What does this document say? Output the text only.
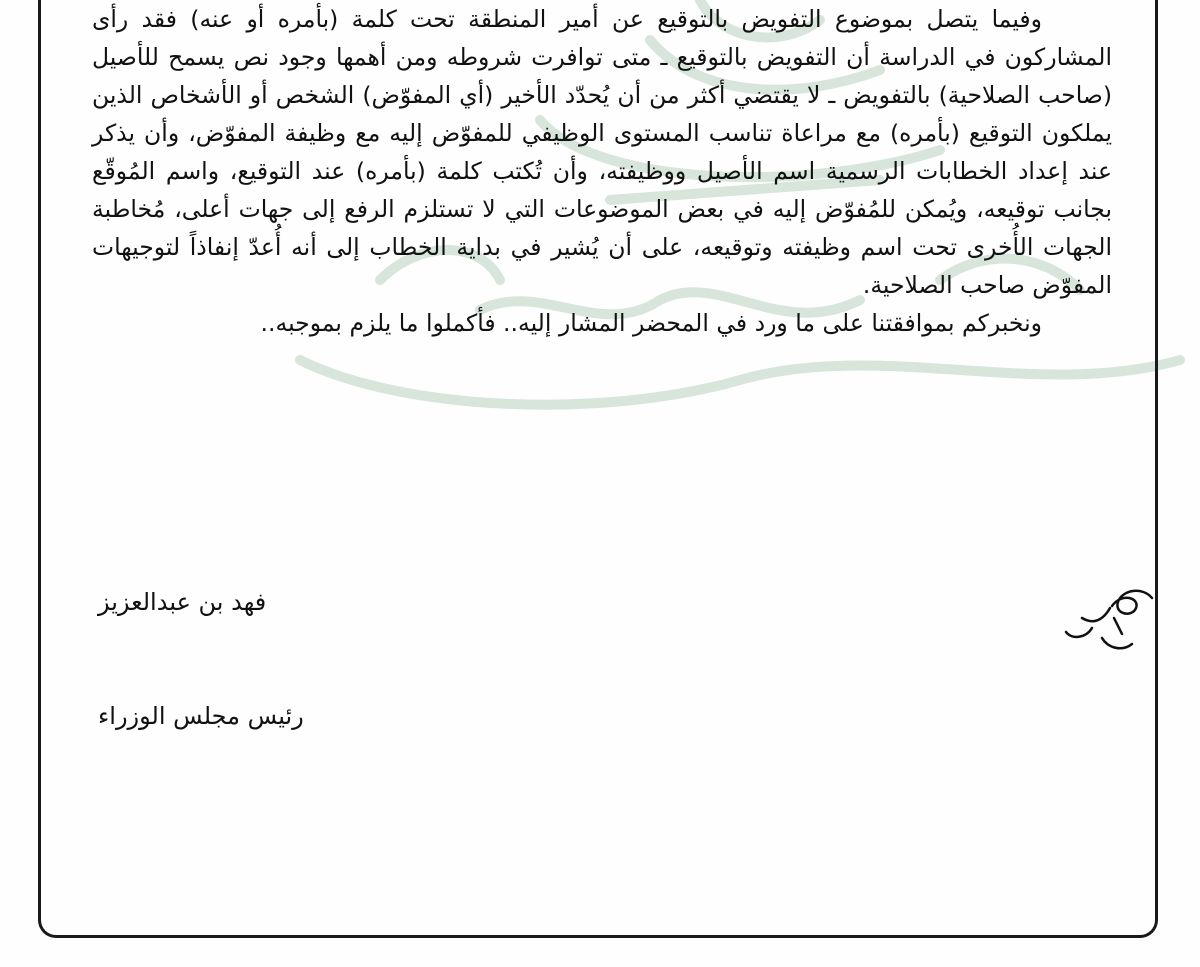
وفيما يتصل بموضوع التفويض بالتوقيع عن أمير المنطقة تحت كلمة (بأمره أو عنه) فقد رأى المشاركون في الدراسة أن التفويض بالتوقيع ـ متى توافرت شروطه ومن أهمها وجود نص يسمح للأصيل (صاحب الصلاحية) بالتفويض ـ لا يقتضي أكثر من أن يُحدّد الأخير (أي المفوّض) الشخص أو الأشخاص الذين يملكون التوقيع (بأمره) مع مراعاة تناسب المستوى الوظيفي للمفوّض إليه مع وظيفة المفوّض، وأن يذكر عند إعداد الخطابات الرسمية اسم الأصيل ووظيفته، وأن تُكتب كلمة (بأمره) عند التوقيع، واسم المُوقّع بجانب توقيعه، ويُمكن للمُفوّض إليه في بعض الموضوعات التي لا تستلزم الرفع إلى جهات أعلى، مُخاطبة الجهات الأُخرى تحت اسم وظيفته وتوقيعه، على أن يُشير في بداية الخطاب إلى أنه أُعدّ إنفاذاً لتوجيهات المفوّض صاحب الصلاحية.

ونخبركم بموافقتنا على ما ورد في المحضر المشار إليه.. فأكملوا ما يلزم بموجبه..

فهد بن عبدالعزيز
رئيس مجلس الوزراء
